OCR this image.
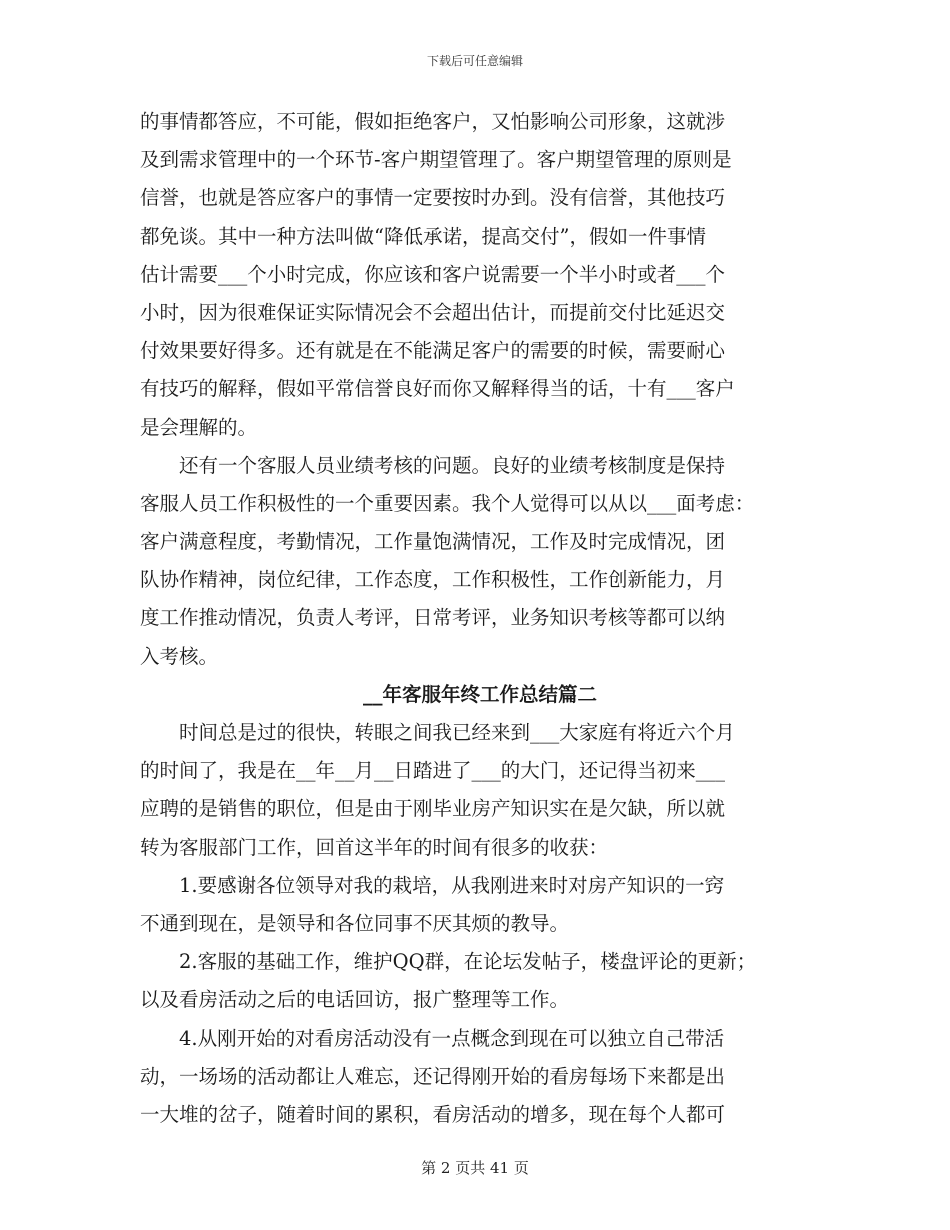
下载后可任意编辑
的事情都答应，不可能，假如拒绝客户，又怕影响公司形象，这就涉
及到需求管理中的一个环节-客户期望管理了。客户期望管理的原则是
信誉，也就是答应客户的事情一定要按时办到。没有信誉，其他技巧
都免谈。其中一种方法叫做“降低承诺，提高交付”，假如一件事情
估计需要___个小时完成，你应该和客户说需要一个半小时或者___个
小时，因为很难保证实际情况会不会超出估计，而提前交付比延迟交
付效果要好得多。还有就是在不能满足客户的需要的时候，需要耐心
有技巧的解释，假如平常信誉良好而你又解释得当的话，十有___客户
是会理解的。
　　还有一个客服人员业绩考核的问题。良好的业绩考核制度是保持
客服人员工作积极性的一个重要因素。我个人觉得可以从以___面考虑：
客户满意程度，考勤情况，工作量饱满情况，工作及时完成情况，团
队协作精神，岗位纪律，工作态度，工作积极性，工作创新能力，月
度工作推动情况，负责人考评，日常考评，业务知识考核等都可以纳
入考核。
__年客服年终工作总结篇二
　　时间总是过的很快，转眼之间我已经来到___大家庭有将近六个月
的时间了，我是在__年__月__日踏进了___的大门，还记得当初来___
应聘的是销售的职位，但是由于刚毕业房产知识实在是欠缺，所以就
转为客服部门工作，回首这半年的时间有很多的收获：
　　1.要感谢各位领导对我的栽培，从我刚进来时对房产知识的一窍
不通到现在，是领导和各位同事不厌其烦的教导。
　　2.客服的基础工作，维护QQ群，在论坛发帖子，楼盘评论的更新；
以及看房活动之后的电话回访，报广整理等工作。
　　4.从刚开始的对看房活动没有一点概念到现在可以独立自己带活
动，一场场的活动都让人难忘，还记得刚开始的看房每场下来都是出
一大堆的岔子，随着时间的累积，看房活动的增多，现在每个人都可
第 2 页共 41 页
